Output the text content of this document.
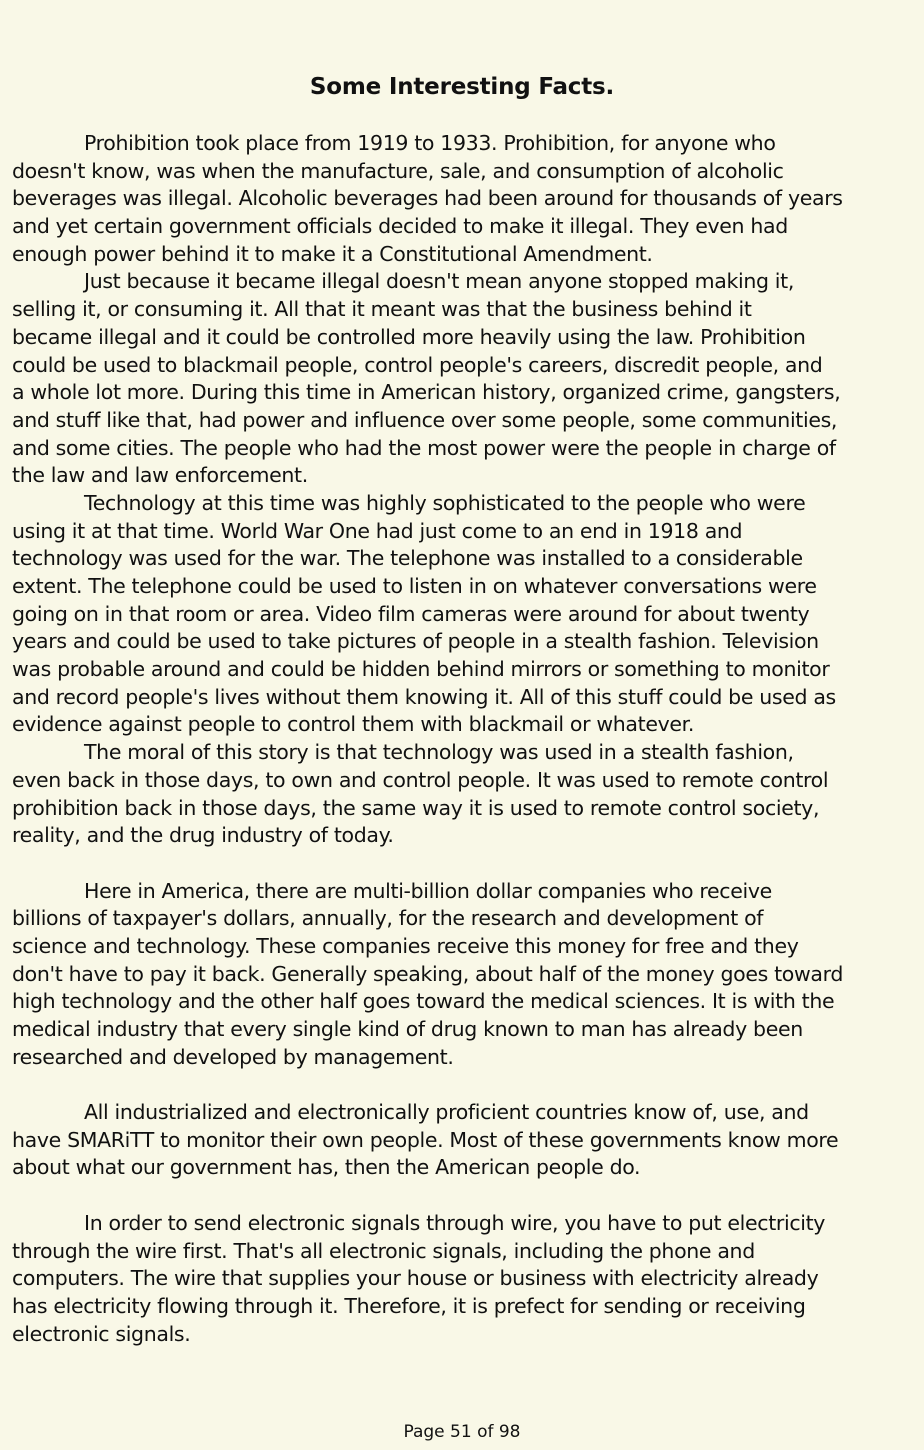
Some Interesting Facts.
Prohibition took place from 1919 to 1933. Prohibition, for anyone who
doesn't know, was when the manufacture, sale, and consumption of alcoholic
beverages was illegal. Alcoholic beverages had been around for thousands of years
and yet certain government officials decided to make it illegal. They even had
enough power behind it to make it a Constitutional Amendment.
Just because it became illegal doesn't mean anyone stopped making it,
selling it, or consuming it. All that it meant was that the business behind it
became illegal and it could be controlled more heavily using the law. Prohibition
could be used to blackmail people, control people's careers, discredit people, and
a whole lot more. During this time in American history, organized crime, gangsters,
and stuff like that, had power and influence over some people, some communities,
and some cities. The people who had the most power were the people in charge of
the law and law enforcement.
Technology at this time was highly sophisticated to the people who were
using it at that time. World War One had just come to an end in 1918 and
technology was used for the war. The telephone was installed to a considerable
extent. The telephone could be used to listen in on whatever conversations were
going on in that room or area. Video film cameras were around for about twenty
years and could be used to take pictures of people in a stealth fashion. Television
was probable around and could be hidden behind mirrors or something to monitor
and record people's lives without them knowing it. All of this stuff could be used as
evidence against people to control them with blackmail or whatever.
The moral of this story is that technology was used in a stealth fashion,
even back in those days, to own and control people. It was used to remote control
prohibition back in those days, the same way it is used to remote control society,
reality, and the drug industry of today.
Here in America, there are multi-billion dollar companies who receive
billions of taxpayer's dollars, annually, for the research and development of
science and technology. These companies receive this money for free and they
don't have to pay it back. Generally speaking, about half of the money goes toward
high technology and the other half goes toward the medical sciences. It is with the
medical industry that every single kind of drug known to man has already been
researched and developed by management.
All industrialized and electronically proficient countries know of, use, and
have SMARiTT to monitor their own people. Most of these governments know more
about what our government has, then the American people do.
In order to send electronic signals through wire, you have to put electricity
through the wire first. That's all electronic signals, including the phone and
computers. The wire that supplies your house or business with electricity already
has electricity flowing through it. Therefore, it is prefect for sending or receiving
electronic signals.
Page 51 of 98
